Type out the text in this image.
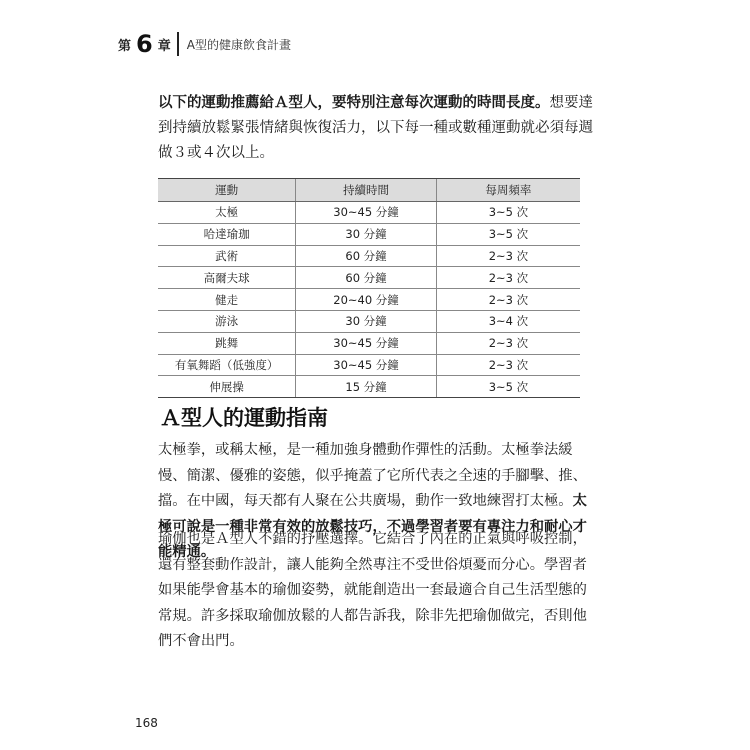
第 6 章 A型的健康飲食計畫
以下的運動推薦給Ａ型人，要特別注意每次運動的時間長度。想要達到持續放鬆緊張情緒與恢復活力，以下每一種或數種運動就必須每週做３或４次以上。
運動	持續時間	每周頻率
太極	30~45 分鐘	3~5 次
哈達瑜珈	30 分鐘	3~5 次
武術	60 分鐘	2~3 次
高爾夫球	60 分鐘	2~3 次
健走	20~40 分鐘	2~3 次
游泳	30 分鐘	3~4 次
跳舞	30~45 分鐘	2~3 次
有氧舞蹈（低強度）	30~45 分鐘	2~3 次
伸展操	15 分鐘	3~5 次
Ａ型人的運動指南
太極拳，或稱太極，是一種加強身體動作彈性的活動。太極拳法緩慢、簡潔、優雅的姿態，似乎掩蓋了它所代表之全速的手腳擊、推、擋。在中國，每天都有人聚在公共廣場，動作一致地練習打太極。太極可說是一種非常有效的放鬆技巧，不過學習者要有專注力和耐心才能精通。
瑜伽也是Ａ型人不錯的抒壓選擇。它結合了內在的正氣與呼吸控制，還有整套動作設計，讓人能夠全然專注不受世俗煩憂而分心。學習者如果能學會基本的瑜伽姿勢，就能創造出一套最適合自己生活型態的常規。許多採取瑜伽放鬆的人都告訴我，除非先把瑜伽做完，否則他們不會出門。
168
